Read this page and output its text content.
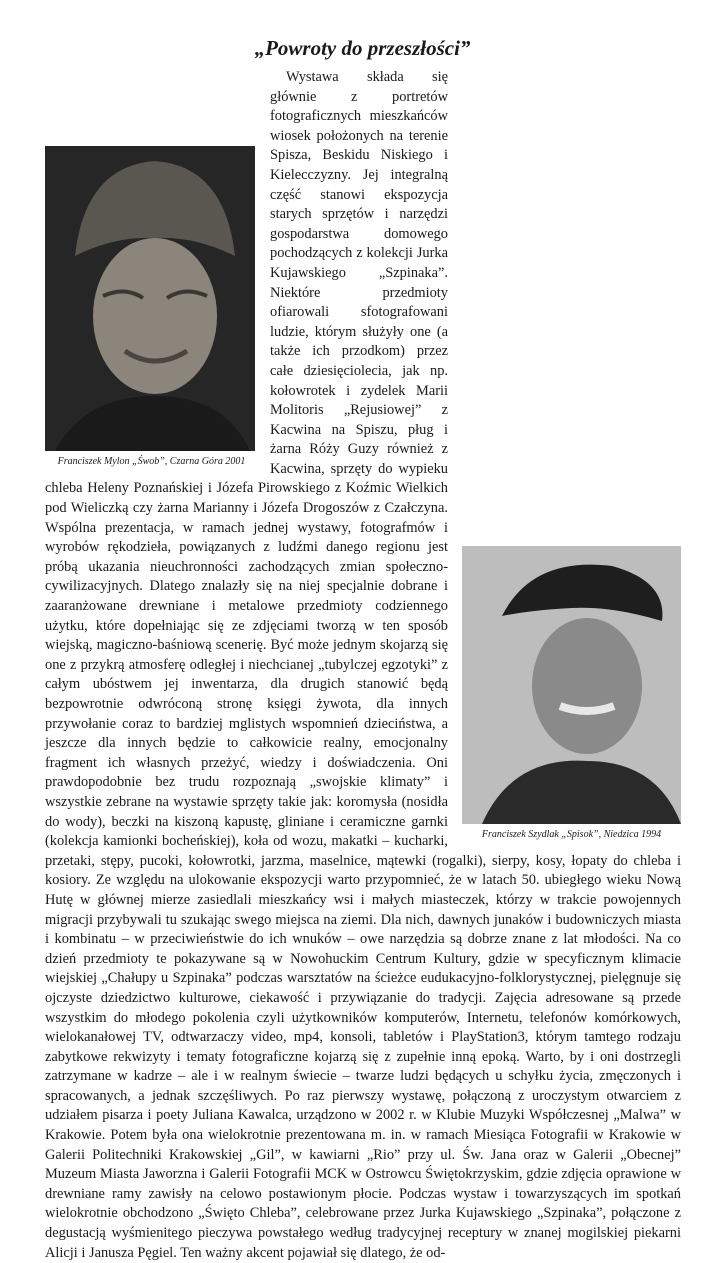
„Powroty do przeszłości”
Franciszek Mylon „Śwob”, Czarna Góra 2001
Franciszek Szydlak „Spisok”, Niedzica 1994

Wystawa składa się głównie z portretów fotograficznych mieszkańców wiosek położonych na terenie Spisza, Beskidu Niskiego i Kielecczyzny. Jej integralną część stanowi ekspozycja starych sprzętów i narzędzi gospodarstwa domowego pochodzących z kolekcji Jurka Kujawskiego „Szpinaka”. Niektóre przedmioty ofiarowali sfotografowani ludzie, którym służyły one (a także ich przodkom) przez całe dziesięciolecia, jak np. kołowrotek i zydelek Marii Molitoris „Rejusiowej” z Kacwina na Spiszu, pług i żarna Róży Guzy również z Kacwina, sprzęty do wypieku chleba Heleny Poznańskiej i Józefa Pirowskiego z Koźmic Wielkich pod Wieliczką czy żarna Marianny i Józefa Drogoszów z Czałczyna. Wspólna prezentacja, w ramach jednej wystawy, fotografmów i wyrobów rękodzieła, powiązanych z ludźmi danego regionu jest próbą ukazania nieuchronności zachodzących zmian społeczno-cywilizacyjnych. Dlatego znalazły się na niej specjalnie dobrane i zaaranżowane drewniane i metalowe przedmioty codziennego użytku, które dopełniając się ze zdjęciami tworzą w ten sposób wiejską, magiczno-baśniową scenerię. Być może jednym skojarzą się one z przykrą atmosferę odległej i niechcianej „tubylczej egzotyki” z całym ubóstwem jej inwentarza, dla drugich stanowić będą bezpowrotnie odwróconą stronę księgi żywota, dla innych przywołanie coraz to bardziej mglistych wspomnień dzieciństwa, a jeszcze dla innych będzie to całkowicie realny, emocjonalny fragment ich własnych przeżyć, wiedzy i doświadczenia. Oni prawdopodobnie bez trudu rozpoznają „swojskie klimaty” i wszystkie zebrane na wystawie sprzęty takie jak: koromysła (nosidła do wody), beczki na kiszoną kapustę, gliniane i ceramiczne garnki (kolekcja kamionki bocheńskiej), koła od wozu, makatki – kucharki, przetaki, stępy, pucoki, kołowrotki, jarzma, maselnice, mątewki (rogalki), sierpy, kosy, łopaty do chleba i kosiory. Ze względu na ulokowanie ekspozycji warto przypomnieć, że w latach 50. ubiegłego wieku Nową Hutę w głównej mierze zasiedlali mieszkańcy wsi i małych miasteczek, którzy w trakcie powojennych migracji przybywali tu szukając swego miejsca na ziemi. Dla nich, dawnych junaków i budowniczych miasta i kombinatu – w przeciwieństwie do ich wnuków – owe narzędzia są dobrze znane z lat młodości. Na co dzień przedmioty te pokazywane są w Nowohuckim Centrum Kultury, gdzie w specyficznym klimacie wiejskiej „Chałupy u Szpinaka” podczas warsztatów na ścieżce eudukacyjno-folklorystycznej, pielęgnuje się ojczyste dziedzictwo kulturowe, ciekawość i przywiązanie do tradycji. Zajęcia adresowane są przede wszystkim do młodego pokolenia czyli użytkowników komputerów, Internetu, telefonów komórkowych, wielokanałowej TV, odtwarzaczy video, mp4, konsoli, tabletów i PlayStation3, którym tamtego rodzaju zabytkowe rekwizyty i tematy fotograficzne kojarzą się z zupełnie inną epoką. Warto, by i oni dostrzegli zatrzymane w kadrze – ale i w realnym świecie – twarze ludzi będących u schyłku życia, zmęczonych i spracowanych, a jednak szczęśliwych. Po raz pierwszy wystawę, połączoną z uroczystym otwarciem z udziałem pisarza i poety Juliana Kawalca, urządzono w 2002 r. w Klubie Muzyki Współczesnej „Malwa” w Krakowie. Potem była ona wielokrotnie prezentowana m. in. w ramach Miesiąca Fotografii w Krakowie w Galerii Politechniki Krakowskiej „Gil”, w kawiarni „Rio” przy ul. Św. Jana oraz w Galerii „Obecnej” Muzeum Miasta Jaworzna i Galerii Fotografii MCK w Ostrowcu Świętokrzyskim, gdzie zdjęcia oprawione w drewniane ramy zawisły na celowo postawionym płocie. Podczas wystaw i towarzyszących im spotkań wielokrotnie obchodzono „Święto Chleba”, celebrowane przez Jurka Kujawskiego „Szpinaka”, połączone z degustacją wyśmienitego pieczywa powstałego według tradycyjnej receptury w znanej mogilskiej piekarni Alicji i Janusza Pęgiel. Ten ważny akcent pojawiał się dlatego, że od-
